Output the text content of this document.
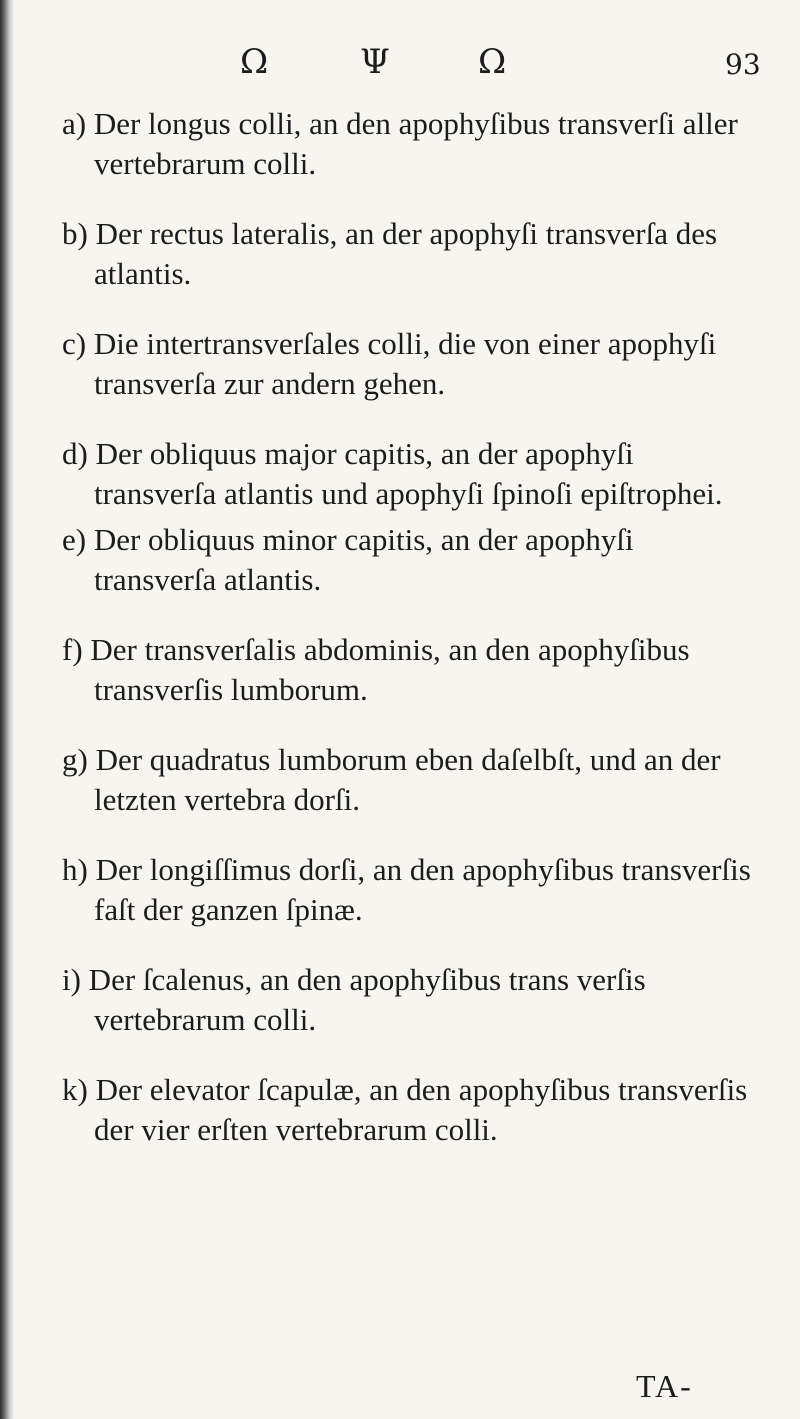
Ω	Ψ	Ω	93

a) Der longus colli, an den apophyſibus transverſi aller vertebrarum colli.

b) Der rectus lateralis, an der apophyſi transverſa des atlantis.

c) Die intertransverſales colli, die von einer apophyſi transverſa zur andern gehen.

d) Der obliquus major capitis, an der apophyſi transverſa atlantis und apophyſi ſpinoſi epiſtrophei.

e) Der obliquus minor capitis, an der apophyſi transverſa atlantis.

f) Der transverſalis abdominis, an den apophyſibus transverſis lumborum.

g) Der quadratus lumborum eben daſelbſt, und an der letzten vertebra dorſi.

h) Der longiſſimus dorſi, an den apophyſibus transverſis faſt der ganzen ſpinæ.

i) Der ſcalenus, an den apophyſibus trans verſis vertebrarum colli.

k) Der elevator ſcapulæ, an den apophyſibus transverſis der vier erſten vertebrarum colli.

TA-
